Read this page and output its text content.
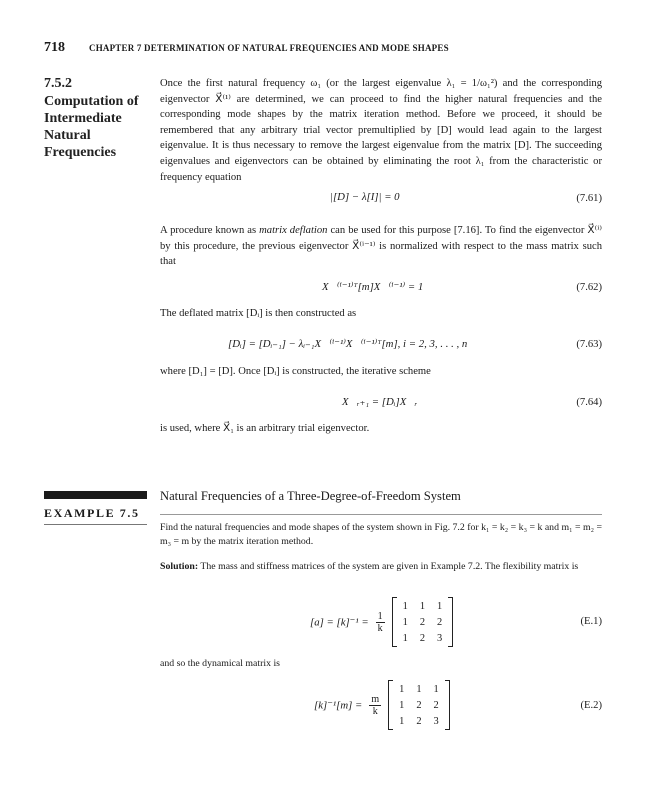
718	CHAPTER 7 DETERMINATION OF NATURAL FREQUENCIES AND MODE SHAPES
7.5.2
Computation of Intermediate Natural Frequencies
Once the first natural frequency ω₁ (or the largest eigenvalue λ₁ = 1/ω₁²) and the corresponding eigenvector X⃗⁽¹⁾ are determined, we can proceed to find the higher natural frequencies and the corresponding mode shapes by the matrix iteration method. Before we proceed, it should be remembered that any arbitrary trial vector premultiplied by [D] would lead again to the largest eigenvalue. It is thus necessary to remove the largest eigenvalue from the matrix [D]. The succeeding eigenvalues and eigenvectors can be obtained by eliminating the root λ₁ from the characteristic or frequency equation
|[D] − λ[I]| = 0	(7.61)
A procedure known as matrix deflation can be used for this purpose [7.16]. To find the eigenvector X⃗⁽ⁱ⁾ by this procedure, the previous eigenvector X⃗⁽ⁱ⁻¹⁾ is normalized with respect to the mass matrix such that
X⃗⁽ⁱ⁻¹⁾ᵀ[m]X⃗⁽ⁱ⁻¹⁾ = 1	(7.62)
The deflated matrix [Dᵢ] is then constructed as
[Dᵢ] = [Dᵢ₋₁] − λᵢ₋₁X⃗⁽ⁱ⁻¹⁾X⃗⁽ⁱ⁻¹⁾ᵀ[m], i = 2, 3, . . . , n	(7.63)
where [D₁] = [D]. Once [Dᵢ] is constructed, the iterative scheme
X⃗ᵣ₊₁ = [Dᵢ]X⃗ᵣ	(7.64)
is used, where X⃗₁ is an arbitrary trial eigenvector.
EXAMPLE 7.5
Natural Frequencies of a Three-Degree-of-Freedom System
Find the natural frequencies and mode shapes of the system shown in Fig. 7.2 for k₁ = k₂ = k₃ = k and m₁ = m₂ = m₃ = m by the matrix iteration method.
Solution: The mass and stiffness matrices of the system are given in Example 7.2. The flexibility matrix is
$[a] = [k]^{-1} = \frac{1}{k}$

1	1	1
1	2	2
1	2	3
(E.1)
and so the dynamical matrix is
$[k]^{-1}[m] = \frac{m}{k}$

1	1	1
1	2	2
1	2	3
(E.2)
